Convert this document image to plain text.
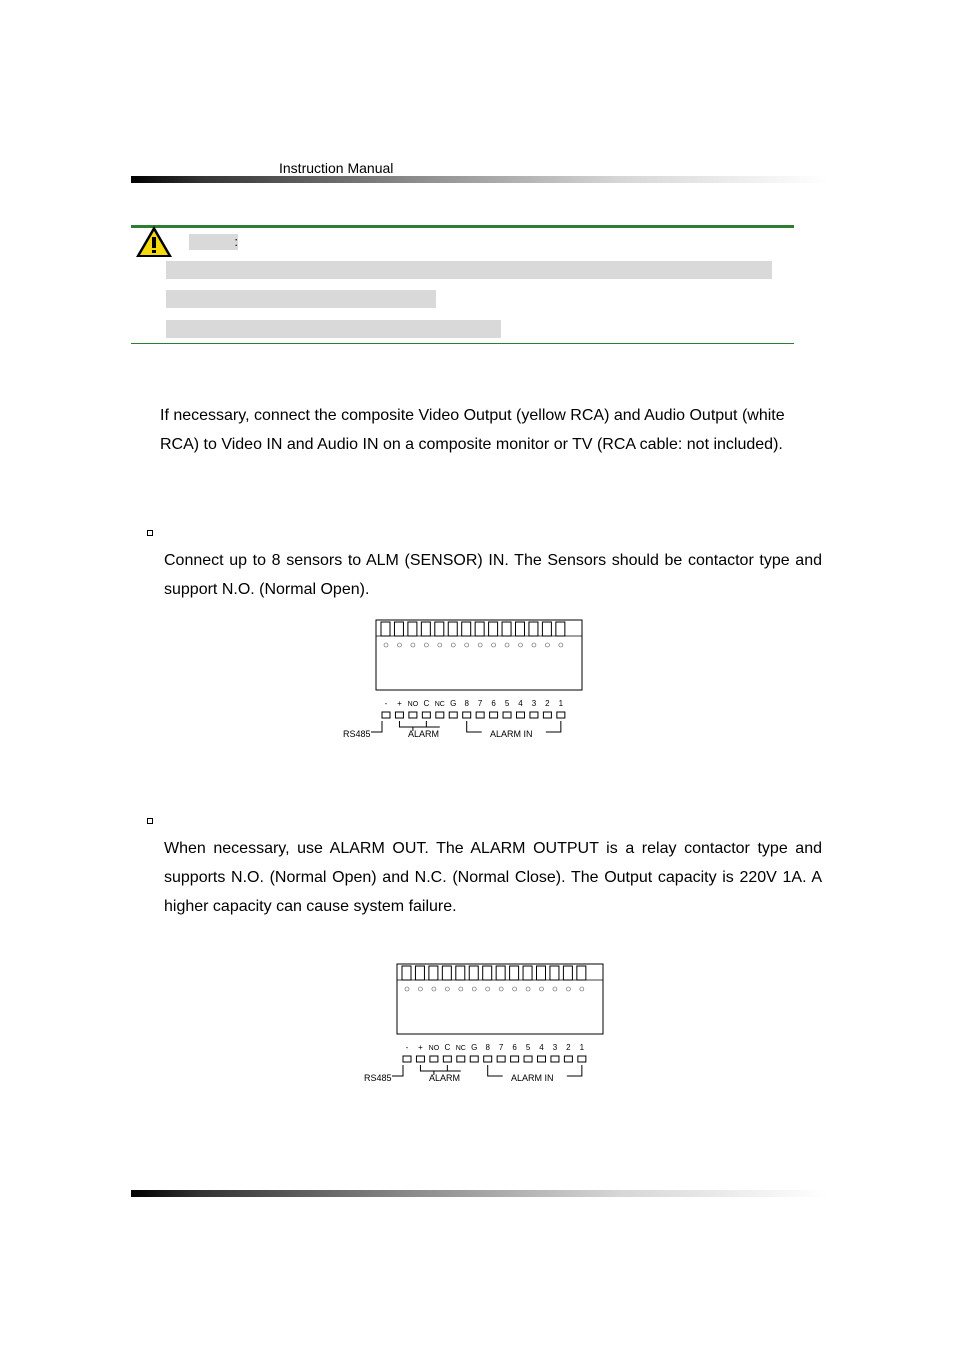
Instruction Manual
:
If necessary, connect the composite Video Output (yellow RCA) and Audio Output (white RCA) to Video IN and Audio IN on a composite monitor or TV (RCA cable: not included).
Connect up to 8 sensors to ALM (SENSOR) IN. The Sensors should be contactor type and support N.O. (Normal Open).
- + NO C NC G 8 7 6 5 4 3 2 1
RS485	ALARM	ALARM IN
When necessary, use ALARM OUT. The ALARM OUTPUT is a relay contactor type and supports N.O. (Normal Open) and N.C. (Normal Close). The Output capacity is 220V 1A. A higher capacity can cause system failure.
- + NO C NC G 8 7 6 5 4 3 2 1
RS485	ALARM	ALARM IN
